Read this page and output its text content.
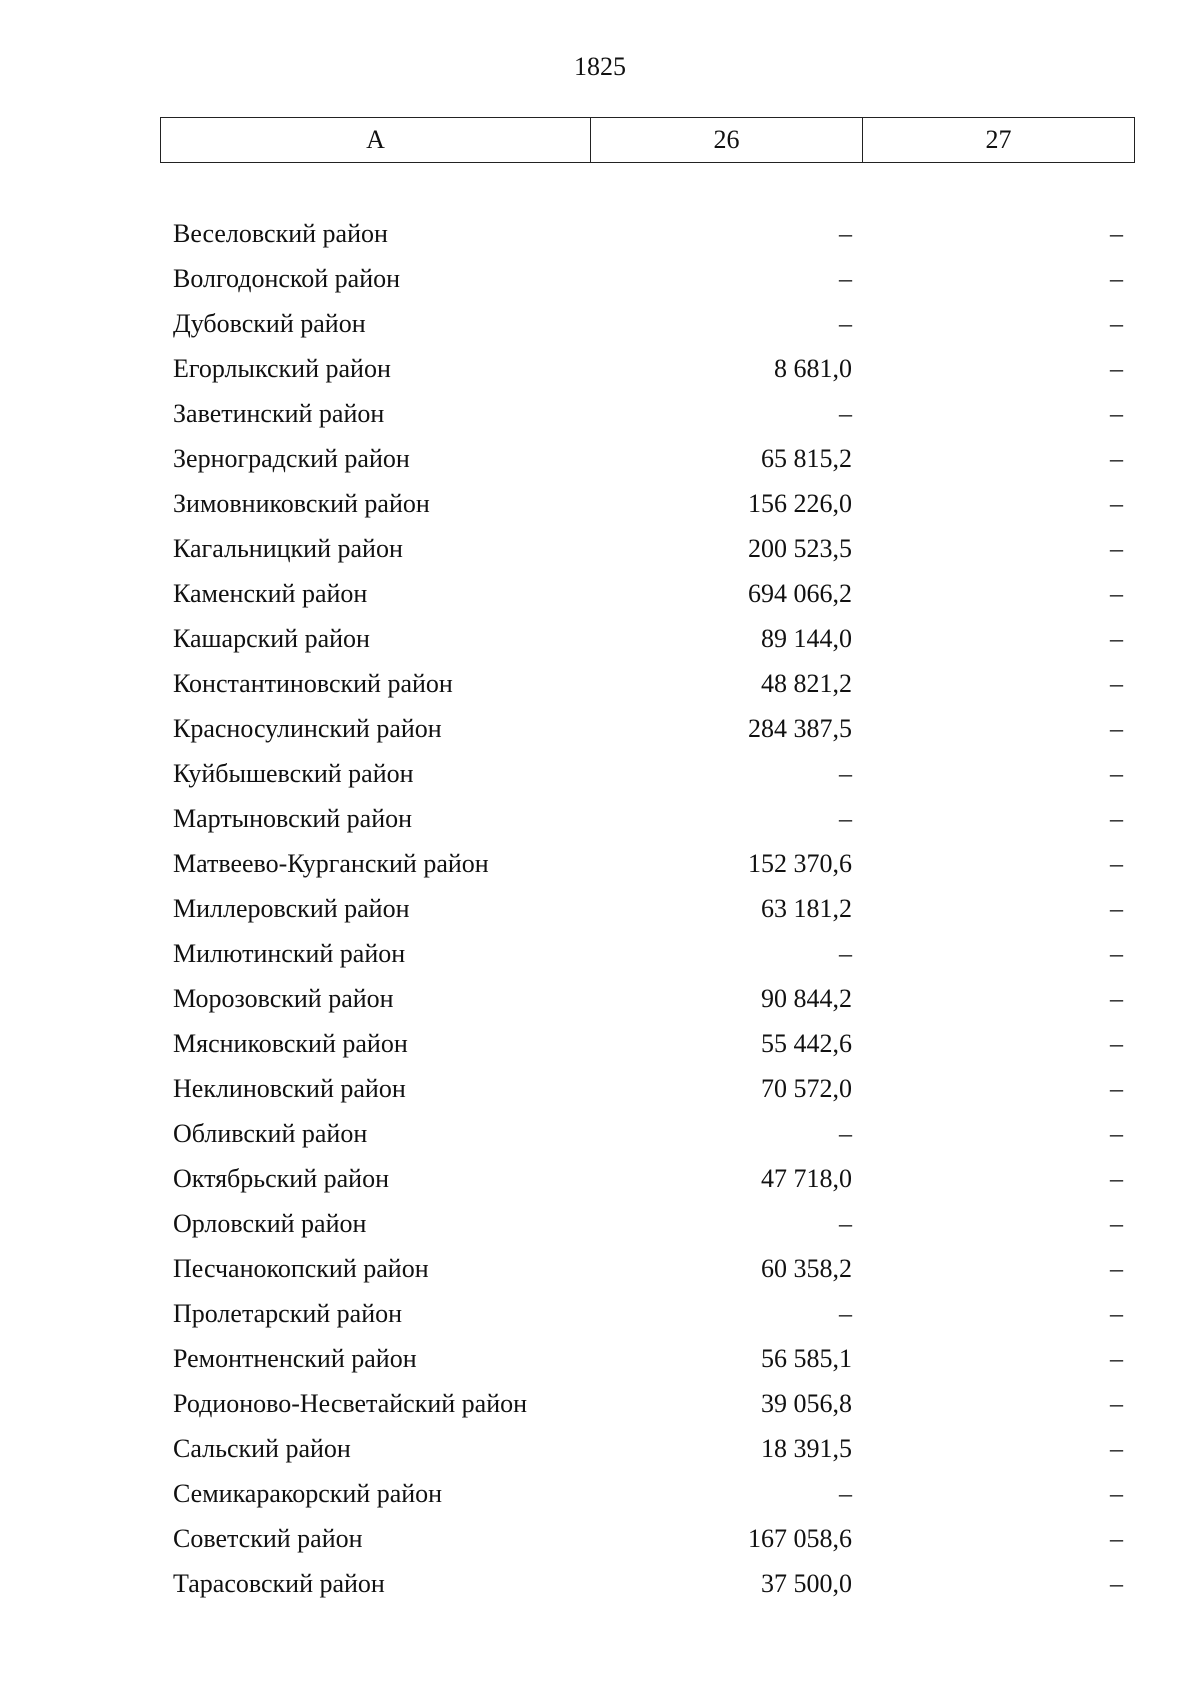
1825
А	26	27
Веселовский район	–	–
Волгодонской район	–	–
Дубовский район	–	–
Егорлыкский район	8 681,0	–
Заветинский район	–	–
Зерноградский район	65 815,2	–
Зимовниковский район	156 226,0	–
Кагальницкий район	200 523,5	–
Каменский район	694 066,2	–
Кашарский район	89 144,0	–
Константиновский район	48 821,2	–
Красносулинский район	284 387,5	–
Куйбышевский район	–	–
Мартыновский район	–	–
Матвеево-Курганский район	152 370,6	–
Миллеровский район	63 181,2	–
Милютинский район	–	–
Морозовский район	90 844,2	–
Мясниковский район	55 442,6	–
Неклиновский район	70 572,0	–
Обливский район	–	–
Октябрьский район	47 718,0	–
Орловский район	–	–
Песчанокопский район	60 358,2	–
Пролетарский район	–	–
Ремонтненский район	56 585,1	–
Родионово-Несветайский район	39 056,8	–
Сальский район	18 391,5	–
Семикаракорский район	–	–
Советский район	167 058,6	–
Тарасовский район	37 500,0	–
